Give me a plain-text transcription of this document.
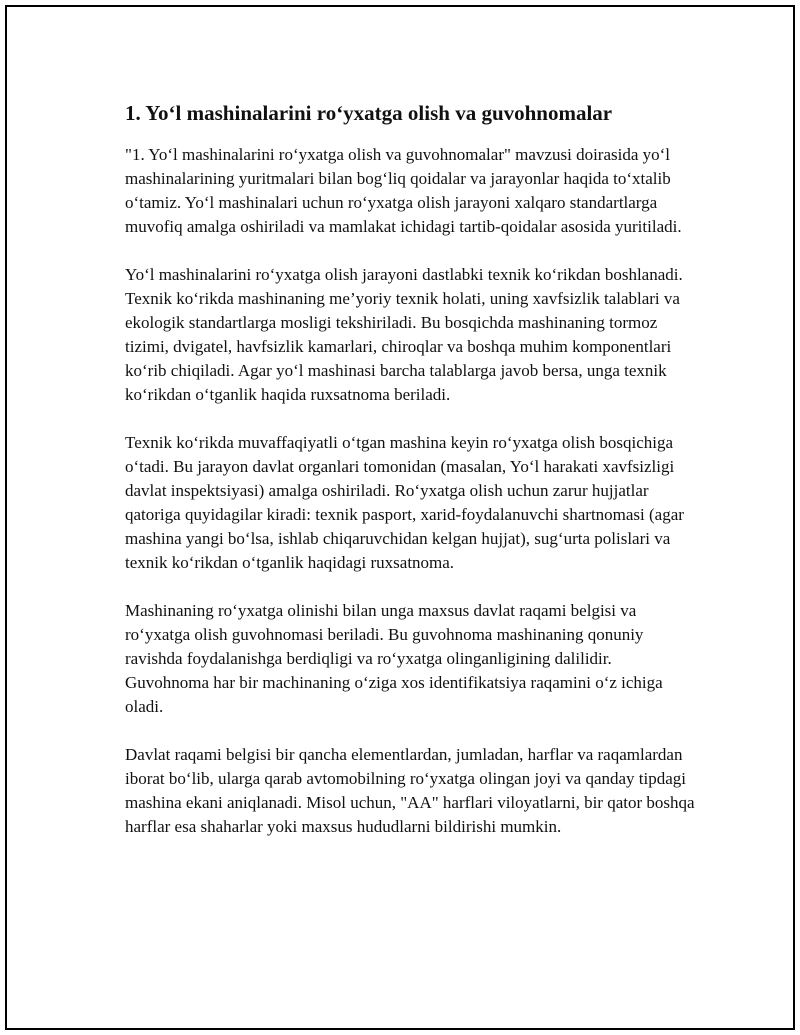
1. Yo‘l mashinalarini ro‘yxatga olish va guvohnomalar

"1. Yo‘l mashinalarini ro‘yxatga olish va guvohnomalar" mavzusi doirasida yo‘l mashinalarining yuritmalari bilan bog‘liq qoidalar va jarayonlar haqida to‘xtalib o‘tamiz. Yo‘l mashinalari uchun ro‘yxatga olish jarayoni xalqaro standartlarga muvofiq amalga oshiriladi va mamlakat ichidagi tartib-qoidalar asosida yuritiladi.

Yo‘l mashinalarini ro‘yxatga olish jarayoni dastlabki texnik ko‘rikdan boshlanadi. Texnik ko‘rikda mashinaning me’yoriy texnik holati, uning xavfsizlik talablari va ekologik standartlarga mosligi tekshiriladi. Bu bosqichda mashinaning tormoz tizimi, dvigatel, havfsizlik kamarlari, chiroqlar va boshqa muhim komponentlari ko‘rib chiqiladi. Agar yo‘l mashinasi barcha talablarga javob bersa, unga texnik ko‘rikdan o‘tganlik haqida ruxsatnoma beriladi.

Texnik ko‘rikda muvaffaqiyatli o‘tgan mashina keyin ro‘yxatga olish bosqichiga o‘tadi. Bu jarayon davlat organlari tomonidan (masalan, Yo‘l harakati xavfsizligi davlat inspektsiyasi) amalga oshiriladi. Ro‘yxatga olish uchun zarur hujjatlar qatoriga quyidagilar kiradi: texnik pasport, xarid-foydalanuvchi shartnomasi (agar mashina yangi bo‘lsa, ishlab chiqaruvchidan kelgan hujjat), sug‘urta polislari va texnik ko‘rikdan o‘tganlik haqidagi ruxsatnoma.

Mashinaning ro‘yxatga olinishi bilan unga maxsus davlat raqami belgisi va ro‘yxatga olish guvohnomasi beriladi. Bu guvohnoma mashinaning qonuniy ravishda foydalanishga berdiqligi va ro‘yxatga olinganligining dalilidir. Guvohnoma har bir machinaning o‘ziga xos identifikatsiya raqamini o‘z ichiga oladi.

Davlat raqami belgisi bir qancha elementlardan, jumladan, harflar va raqamlardan iborat bo‘lib, ularga qarab avtomobilning ro‘yxatga olingan joyi va qanday tipdagi mashina ekani aniqlanadi. Misol uchun, "AA" harflari viloyatlarni, bir qator boshqa harflar esa shaharlar yoki maxsus hududlarni bildirishi mumkin.
